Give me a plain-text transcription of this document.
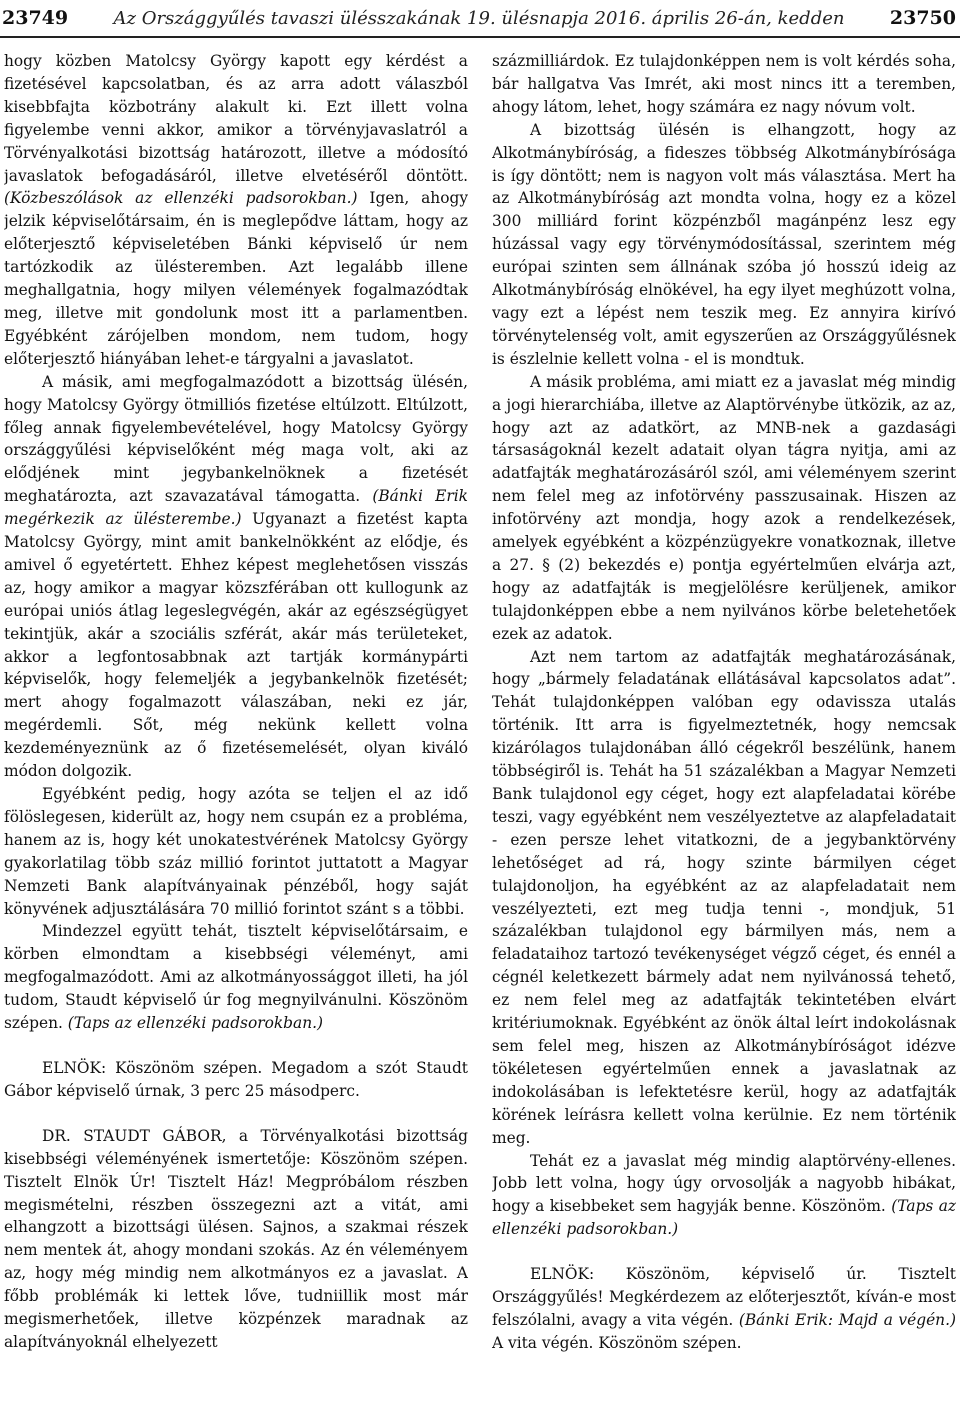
23749	Az Országgyűlés tavaszi ülésszakának 19. ülésnapja 2016. április 26-án, kedden 23750

hogy közben Matolcsy György kapott egy kérdést a fizetésével kapcsolatban, és az arra adott válaszból kisebbfajta közbotrány alakult ki. Ezt illett volna figyelembe venni akkor, amikor a törvényjavaslatról a Törvényalkotási bizottság határozott, illetve a módosító javaslatok befogadásáról, illetve elvetéséről döntött. (Közbeszólások az ellenzéki padsorokban.) Igen, ahogy jelzik képviselőtársaim, én is meglepődve láttam, hogy az előterjesztő képviseletében Bánki képviselő úr nem tartózkodik az ülésteremben. Azt legalább illene meghallgatnia, hogy milyen vélemények fogalmazódtak meg, illetve mit gondolunk most itt a parlamentben. Egyébként zárójelben mondom, nem tudom, hogy előterjesztő hiányában lehet-e tárgyalni a javaslatot.

A másik, ami megfogalmazódott a bizottság ülésén, hogy Matolcsy György ötmilliós fizetése eltúlzott. Eltúlzott, főleg annak figyelembevételével, hogy Matolcsy György országgyűlési képviselőként még maga volt, aki az elődjének mint jegybankelnöknek a fizetését meghatározta, azt szavazatával támogatta. (Bánki Erik megérkezik az ülésterembe.) Ugyanazt a fizetést kapta Matolcsy György, mint amit bankelnökként az elődje, és amivel ő egyetértett. Ehhez képest meglehetősen visszás az, hogy amikor a magyar közszférában ott kullogunk az európai uniós átlag legeslegvégén, akár az egészségügyet tekintjük, akár a szociális szférát, akár más területeket, akkor a legfontosabbnak azt tartják kormánypárti képviselők, hogy felemeljék a jegybankelnök fizetését; mert ahogy fogalmazott válaszában, neki ez jár, megérdemli. Sőt, még nekünk kellett volna kezdeményeznünk az ő fizetésemelését, olyan kiváló módon dolgozik.

Egyébként pedig, hogy azóta se teljen el az idő fölöslegesen, kiderült az, hogy nem csupán ez a probléma, hanem az is, hogy két unokatestvérének Matolcsy György gyakorlatilag több száz millió forintot juttatott a Magyar Nemzeti Bank alapítványainak pénzéből, hogy saját könyvének adjusztálására 70 millió forintot szánt s a többi.

Mindezzel együtt tehát, tisztelt képviselőtársaim, e körben elmondtam a kisebbségi véleményt, ami megfogalmazódott. Ami az alkotmányossággot illeti, ha jól tudom, Staudt képviselő úr fog megnyilvánulni. Köszönöm szépen. (Taps az ellenzéki padsorokban.)

ELNÖK: Köszönöm szépen. Megadom a szót Staudt Gábor képviselő úrnak, 3 perc 25 másodperc.

DR. STAUDT GÁBOR, a Törvényalkotási bizottság kisebbségi véleményének ismertetője: Köszönöm szépen. Tisztelt Elnök Úr! Tisztelt Ház! Megpróbálom részben megismételni, részben összegezni azt a vitát, ami elhangzott a bizottsági ülésen. Sajnos, a szakmai részek nem mentek át, ahogy mondani szokás. Az én véleményem az, hogy még mindig nem alkotmányos ez a javaslat. A főbb problémák ki lettek lőve, tudniillik most már megismerhetőek, illetve közpénzek maradnak az alapítványoknál elhelyezett

százmilliárdok. Ez tulajdonképpen nem is volt kérdés soha, bár hallgatva Vas Imrét, aki most nincs itt a teremben, ahogy látom, lehet, hogy számára ez nagy nóvum volt.

A bizottság ülésén is elhangzott, hogy az Alkotmánybíróság, a fideszes többség Alkotmánybírósága is így döntött; nem is nagyon volt más választása. Mert ha az Alkotmánybíróság azt mondta volna, hogy ez a közel 300 milliárd forint közpénzből magánpénz lesz egy húzással vagy egy törvénymódosítással, szerintem még európai szinten sem állnának szóba jó hosszú ideig az Alkotmánybíróság elnökével, ha egy ilyet meghúzott volna, vagy ezt a lépést nem teszik meg. Ez annyira kirívó törvénytelenség volt, amit egyszerűen az Országgyűlésnek is észlelnie kellett volna - el is mondtuk.

A másik probléma, ami miatt ez a javaslat még mindig a jogi hierarchiába, illetve az Alaptörvénybe ütközik, az az, hogy azt az adatkört, az MNB-nek a gazdasági társaságoknál kezelt adatait olyan tágra nyitja, ami az adatfajták meghatározásáról szól, ami véleményem szerint nem felel meg az infotörvény passzusainak. Hiszen az infotörvény azt mondja, hogy azok a rendelkezések, amelyek egyébként a közpénzügyekre vonatkoznak, illetve a 27. § (2) bekezdés e) pontja egyértelműen elvárja azt, hogy az adatfajták is megjelölésre kerüljenek, amikor tulajdonképpen ebbe a nem nyilvános körbe beletehetőek ezek az adatok.

Azt nem tartom az adatfajták meghatározásának, hogy „bármely feladatának ellátásával kapcsolatos adat”. Tehát tulajdonképpen valóban egy odavissza utalás történik. Itt arra is figyelmeztetnék, hogy nemcsak kizárólagos tulajdonában álló cégekről beszélünk, hanem többségiről is. Tehát ha 51 százalékban a Magyar Nemzeti Bank tulajdonol egy céget, hogy ezt alapfeladatai körébe teszi, vagy egyébként nem veszélyeztetve az alapfeladatait - ezen persze lehet vitatkozni, de a jegybanktörvény lehetőséget ad rá, hogy szinte bármilyen céget tulajdonoljon, ha egyébként az az alapfeladatait nem veszélyezteti, ezt meg tudja tenni -, mondjuk, 51 százalékban tulajdonol egy bármilyen más, nem a feladataihoz tartozó tevékenységet végző céget, és ennél a cégnél keletkezett bármely adat nem nyilvánossá tehető, ez nem felel meg az adatfajták tekintetében elvárt kritériumoknak. Egyébként az önök által leírt indokolásnak sem felel meg, hiszen az Alkotmánybíróságot idézve tökéletesen egyértelműen ennek a javaslatnak az indokolásában is lefektetésre kerül, hogy az adatfajták körének leírásra kellett volna kerülnie. Ez nem történik meg.

Tehát ez a javaslat még mindig alaptörvény-ellenes. Jobb lett volna, hogy úgy orvosolják a nagyobb hibákat, hogy a kisebbeket sem hagyják benne. Köszönöm. (Taps az ellenzéki padsorokban.)

ELNÖK: Köszönöm, képviselő úr. Tisztelt Országgyűlés! Megkérdezem az előterjesztőt, kíván-e most felszólalni, avagy a vita végén. (Bánki Erik: Majd a végén.) A vita végén. Köszönöm szépen.
